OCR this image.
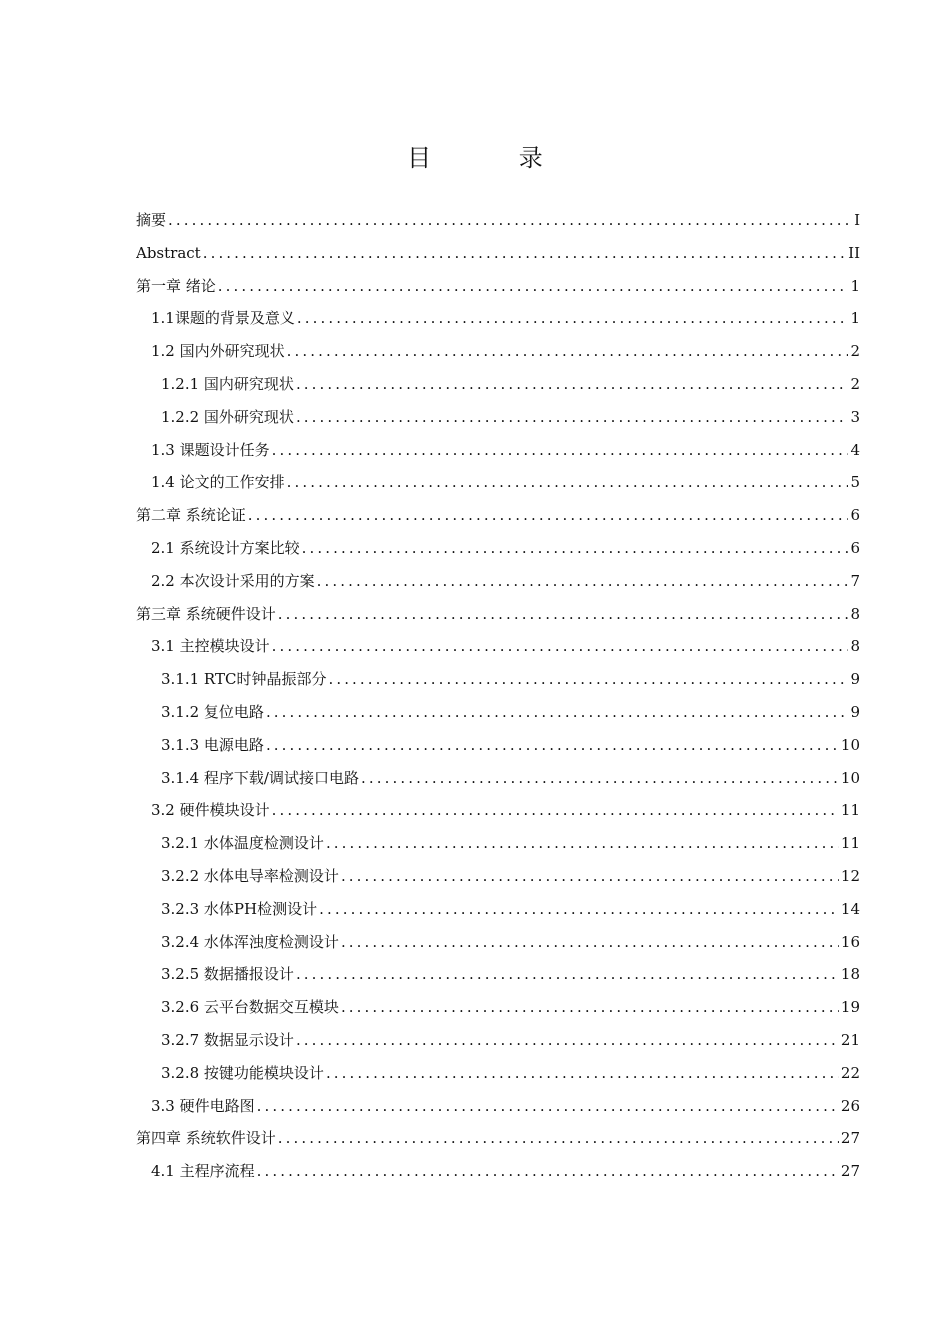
目 录
摘要 .....	I
Abstract .....	II
第一章 绪论 .....	1
1.1课题的背景及意义 .....	1
1.2 国内外研究现状 .....	2
1.2.1 国内研究现状 .....	2
1.2.2 国外研究现状 .....	3
1.3 课题设计任务 .....	4
1.4 论文的工作安排 .....	5
第二章 系统论证 .....	6
2.1 系统设计方案比较 .....	6
2.2 本次设计采用的方案 .....	7
第三章 系统硬件设计 .....	8
3.1 主控模块设计 .....	8
3.1.1 RTC时钟晶振部分 .....	9
3.1.2 复位电路 .....	9
3.1.3 电源电路 .....	10
3.1.4 程序下载/调试接口电路 .....	10
3.2 硬件模块设计 .....	11
3.2.1 水体温度检测设计 .....	11
3.2.2 水体电导率检测设计 .....	12
3.2.3 水体PH检测设计 .....	14
3.2.4 水体浑浊度检测设计 .....	16
3.2.5 数据播报设计 .....	18
3.2.6 云平台数据交互模块 .....	19
3.2.7 数据显示设计 .....	21
3.2.8 按键功能模块设计 .....	22
3.3 硬件电路图 .....	26
第四章 系统软件设计 .....	27
4.1 主程序流程 .....	27
